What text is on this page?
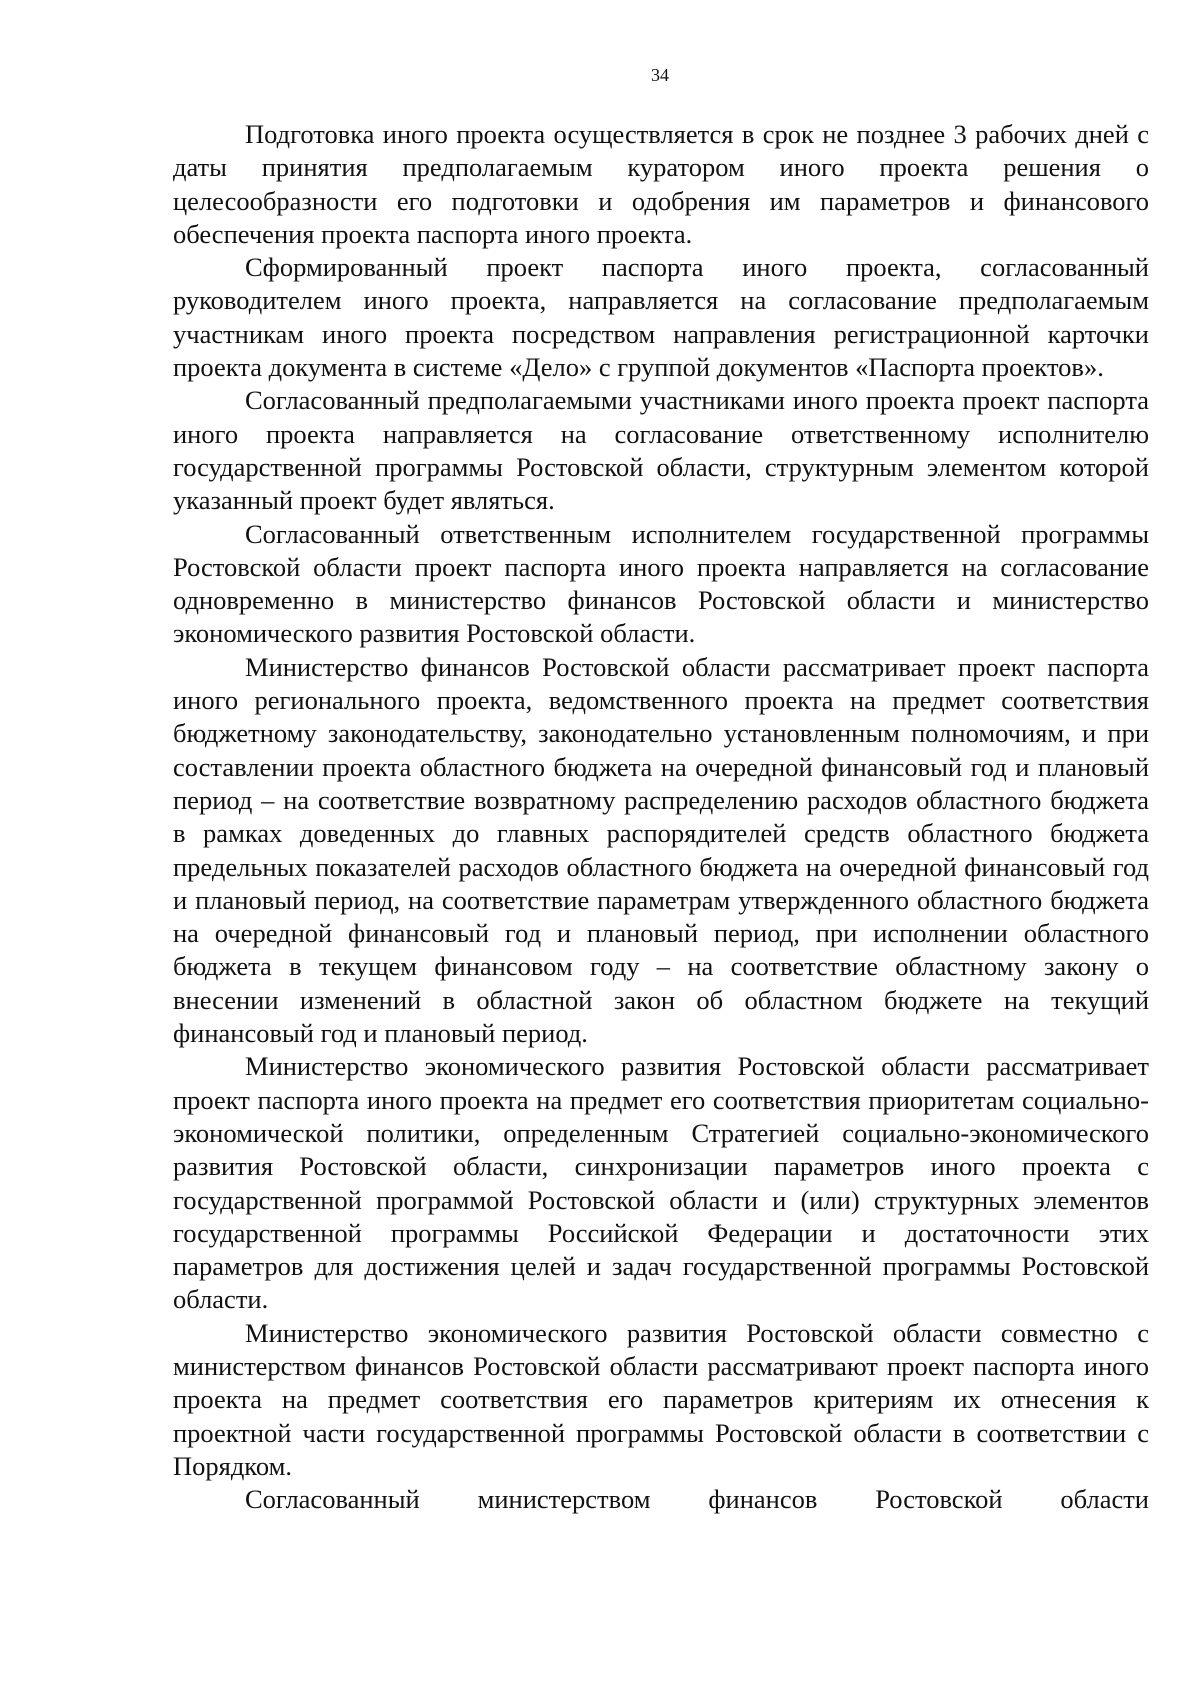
34

Подготовка иного проекта осуществляется в срок не позднее 3 рабочих дней с даты принятия предполагаемым куратором иного проекта решения о целесообразности его подготовки и одобрения им параметров и финансового обеспечения проекта паспорта иного проекта.

Сформированный проект паспорта иного проекта, согласованный руководителем иного проекта, направляется на согласование предполагаемым участникам иного проекта посредством направления регистрационной карточки проекта документа в системе «Дело» с группой документов «Паспорта проектов».

Согласованный предполагаемыми участниками иного проекта проект паспорта иного проекта направляется на согласование ответственному исполнителю государственной программы Ростовской области, структурным элементом которой указанный проект будет являться.

Согласованный ответственным исполнителем государственной программы Ростовской области проект паспорта иного проекта направляется на согласование одновременно в министерство финансов Ростовской области и министерство экономического развития Ростовской области.

Министерство финансов Ростовской области рассматривает проект паспорта иного регионального проекта, ведомственного проекта на предмет соответствия бюджетному законодательству, законодательно установленным полномочиям, и при составлении проекта областного бюджета на очередной финансовый год и плановый период – на соответствие возвратному распределению расходов областного бюджета в рамках доведенных до главных распорядителей средств областного бюджета предельных показателей расходов областного бюджета на очередной финансовый год и плановый период, на соответствие параметрам утвержденного областного бюджета на очередной финансовый год и плановый период, при исполнении областного бюджета в текущем финансовом году – на соответствие областному закону о внесении изменений в областной закон об областном бюджете на текущий финансовый год и плановый период.

Министерство экономического развития Ростовской области рассматривает проект паспорта иного проекта на предмет его соответствия приоритетам социально-экономической политики, определенным Стратегией социально-экономического развития Ростовской области, синхронизации параметров иного проекта с государственной программой Ростовской области и (или) структурных элементов государственной программы Российской Федерации и достаточности этих параметров для достижения целей и задач государственной программы Ростовской области.

Министерство экономического развития Ростовской области совместно с министерством финансов Ростовской области рассматривают проект паспорта иного проекта на предмет соответствия его параметров критериям их отнесения к проектной части государственной программы Ростовской области в соответствии с Порядком.

Согласованный министерством финансов Ростовской области
